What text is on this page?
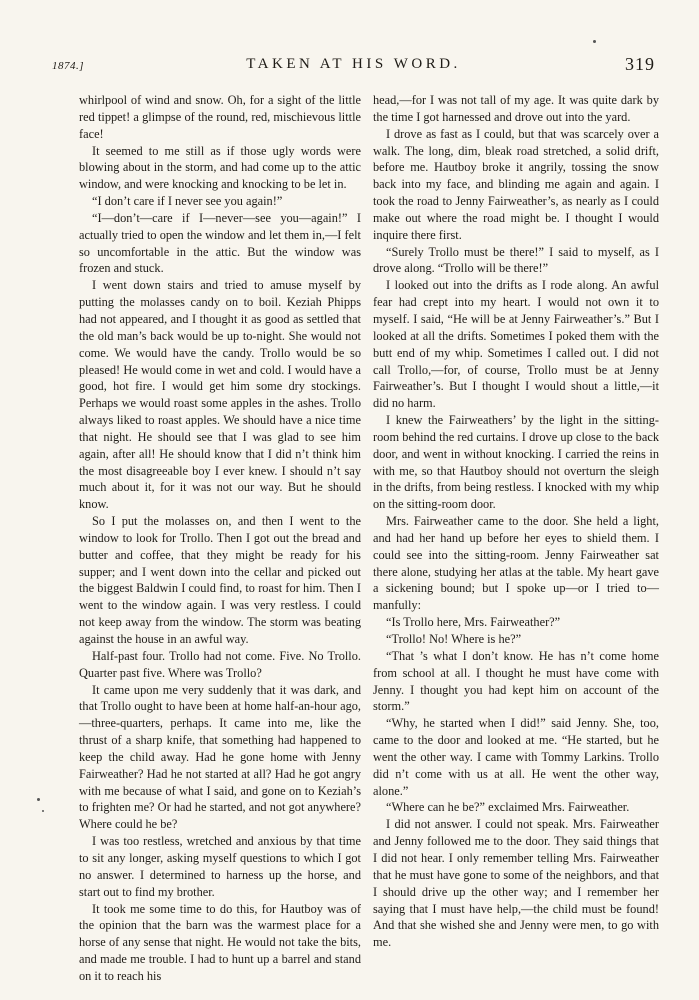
1874.]	TAKEN AT HIS WORD.	319

whirlpool of wind and snow. Oh, for a sight of the little red tippet! a glimpse of the round, red, mischievous little face!

It seemed to me still as if those ugly words were blowing about in the storm, and had come up to the attic window, and were knocking and knocking to be let in.

“I don’t care if I never see you again!”

“I—don’t—care if I—never—see you—again!” I actually tried to open the window and let them in,—I felt so uncomfortable in the attic. But the window was frozen and stuck.

I went down stairs and tried to amuse myself by putting the molasses candy on to boil. Keziah Phipps had not appeared, and I thought it as good as settled that the old man’s back would be up to-night. She would not come. We would have the candy. Trollo would be so pleased! He would come in wet and cold. I would have a good, hot fire. I would get him some dry stockings. Perhaps we would roast some apples in the ashes. Trollo always liked to roast apples. We should have a nice time that night. He should see that I was glad to see him again, after all! He should know that I did n’t think him the most disagreeable boy I ever knew. I should n’t say much about it, for it was not our way. But he should know.

So I put the molasses on, and then I went to the window to look for Trollo. Then I got out the bread and butter and coffee, that they might be ready for his supper; and I went down into the cellar and picked out the biggest Baldwin I could find, to roast for him. Then I went to the window again. I was very restless. I could not keep away from the window. The storm was beating against the house in an awful way.

Half-past four. Trollo had not come. Five. No Trollo. Quarter past five. Where was Trollo?

It came upon me very suddenly that it was dark, and that Trollo ought to have been at home half-an-hour ago,—three-quarters, perhaps. It came into me, like the thrust of a sharp knife, that something had happened to keep the child away. Had he gone home with Jenny Fairweather? Had he not started at all? Had he got angry with me because of what I said, and gone on to Keziah’s to frighten me? Or had he started, and not got anywhere? Where could he be?

I was too restless, wretched and anxious by that time to sit any longer, asking myself questions to which I got no answer. I determined to harness up the horse, and start out to find my brother.

It took me some time to do this, for Hautboy was of the opinion that the barn was the warmest place for a horse of any sense that night. He would not take the bits, and made me trouble. I had to hunt up a barrel and stand on it to reach his

head,—for I was not tall of my age. It was quite dark by the time I got harnessed and drove out into the yard.

I drove as fast as I could, but that was scarcely over a walk. The long, dim, bleak road stretched, a solid drift, before me. Hautboy broke it angrily, tossing the snow back into my face, and blinding me again and again. I took the road to Jenny Fairweather’s, as nearly as I could make out where the road might be. I thought I would inquire there first.

“Surely Trollo must be there!” I said to myself, as I drove along. “Trollo will be there!”

I looked out into the drifts as I rode along. An awful fear had crept into my heart. I would not own it to myself. I said, “He will be at Jenny Fairweather’s.” But I looked at all the drifts. Sometimes I poked them with the butt end of my whip. Sometimes I called out. I did not call Trollo,—for, of course, Trollo must be at Jenny Fairweather’s. But I thought I would shout a little,—it did no harm.

I knew the Fairweathers’ by the light in the sitting-room behind the red curtains. I drove up close to the back door, and went in without knocking. I carried the reins in with me, so that Hautboy should not overturn the sleigh in the drifts, from being restless. I knocked with my whip on the sitting-room door.

Mrs. Fairweather came to the door. She held a light, and had her hand up before her eyes to shield them. I could see into the sitting-room. Jenny Fairweather sat there alone, studying her atlas at the table. My heart gave a sickening bound; but I spoke up—or I tried to—manfully:

“Is Trollo here, Mrs. Fairweather?”

“Trollo! No! Where is he?”

“That ’s what I don’t know. He has n’t come home from school at all. I thought he must have come with Jenny. I thought you had kept him on account of the storm.”

“Why, he started when I did!” said Jenny. She, too, came to the door and looked at me. “He started, but he went the other way. I came with Tommy Larkins. Trollo did n’t come with us at all. He went the other way, alone.”

“Where can he be?” exclaimed Mrs. Fairweather.

I did not answer. I could not speak. Mrs. Fairweather and Jenny followed me to the door. They said things that I did not hear. I only remember telling Mrs. Fairweather that he must have gone to some of the neighbors, and that I should drive up the other way; and I remember her saying that I must have help,—the child must be found! And that she wished she and Jenny were men, to go with me.
